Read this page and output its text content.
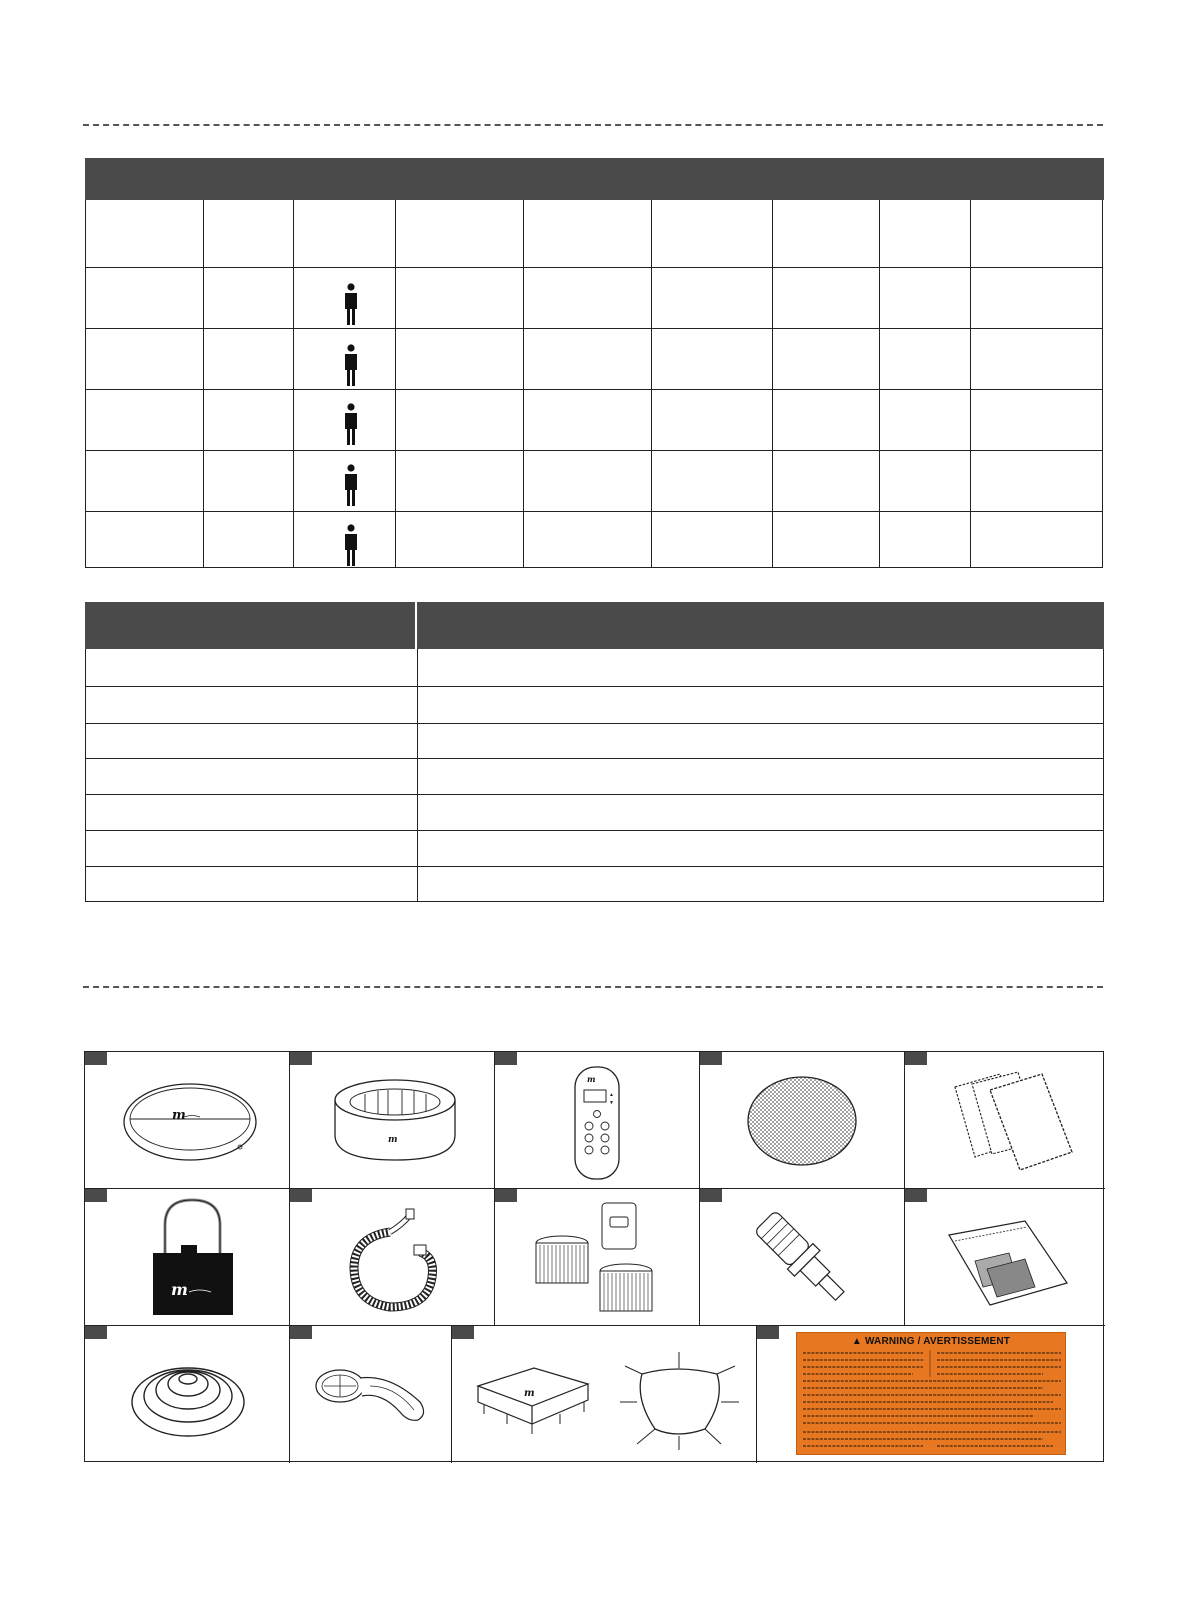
m
m
m
▲
▼
m
m
▲ WARNING / AVERTISSEMENT
